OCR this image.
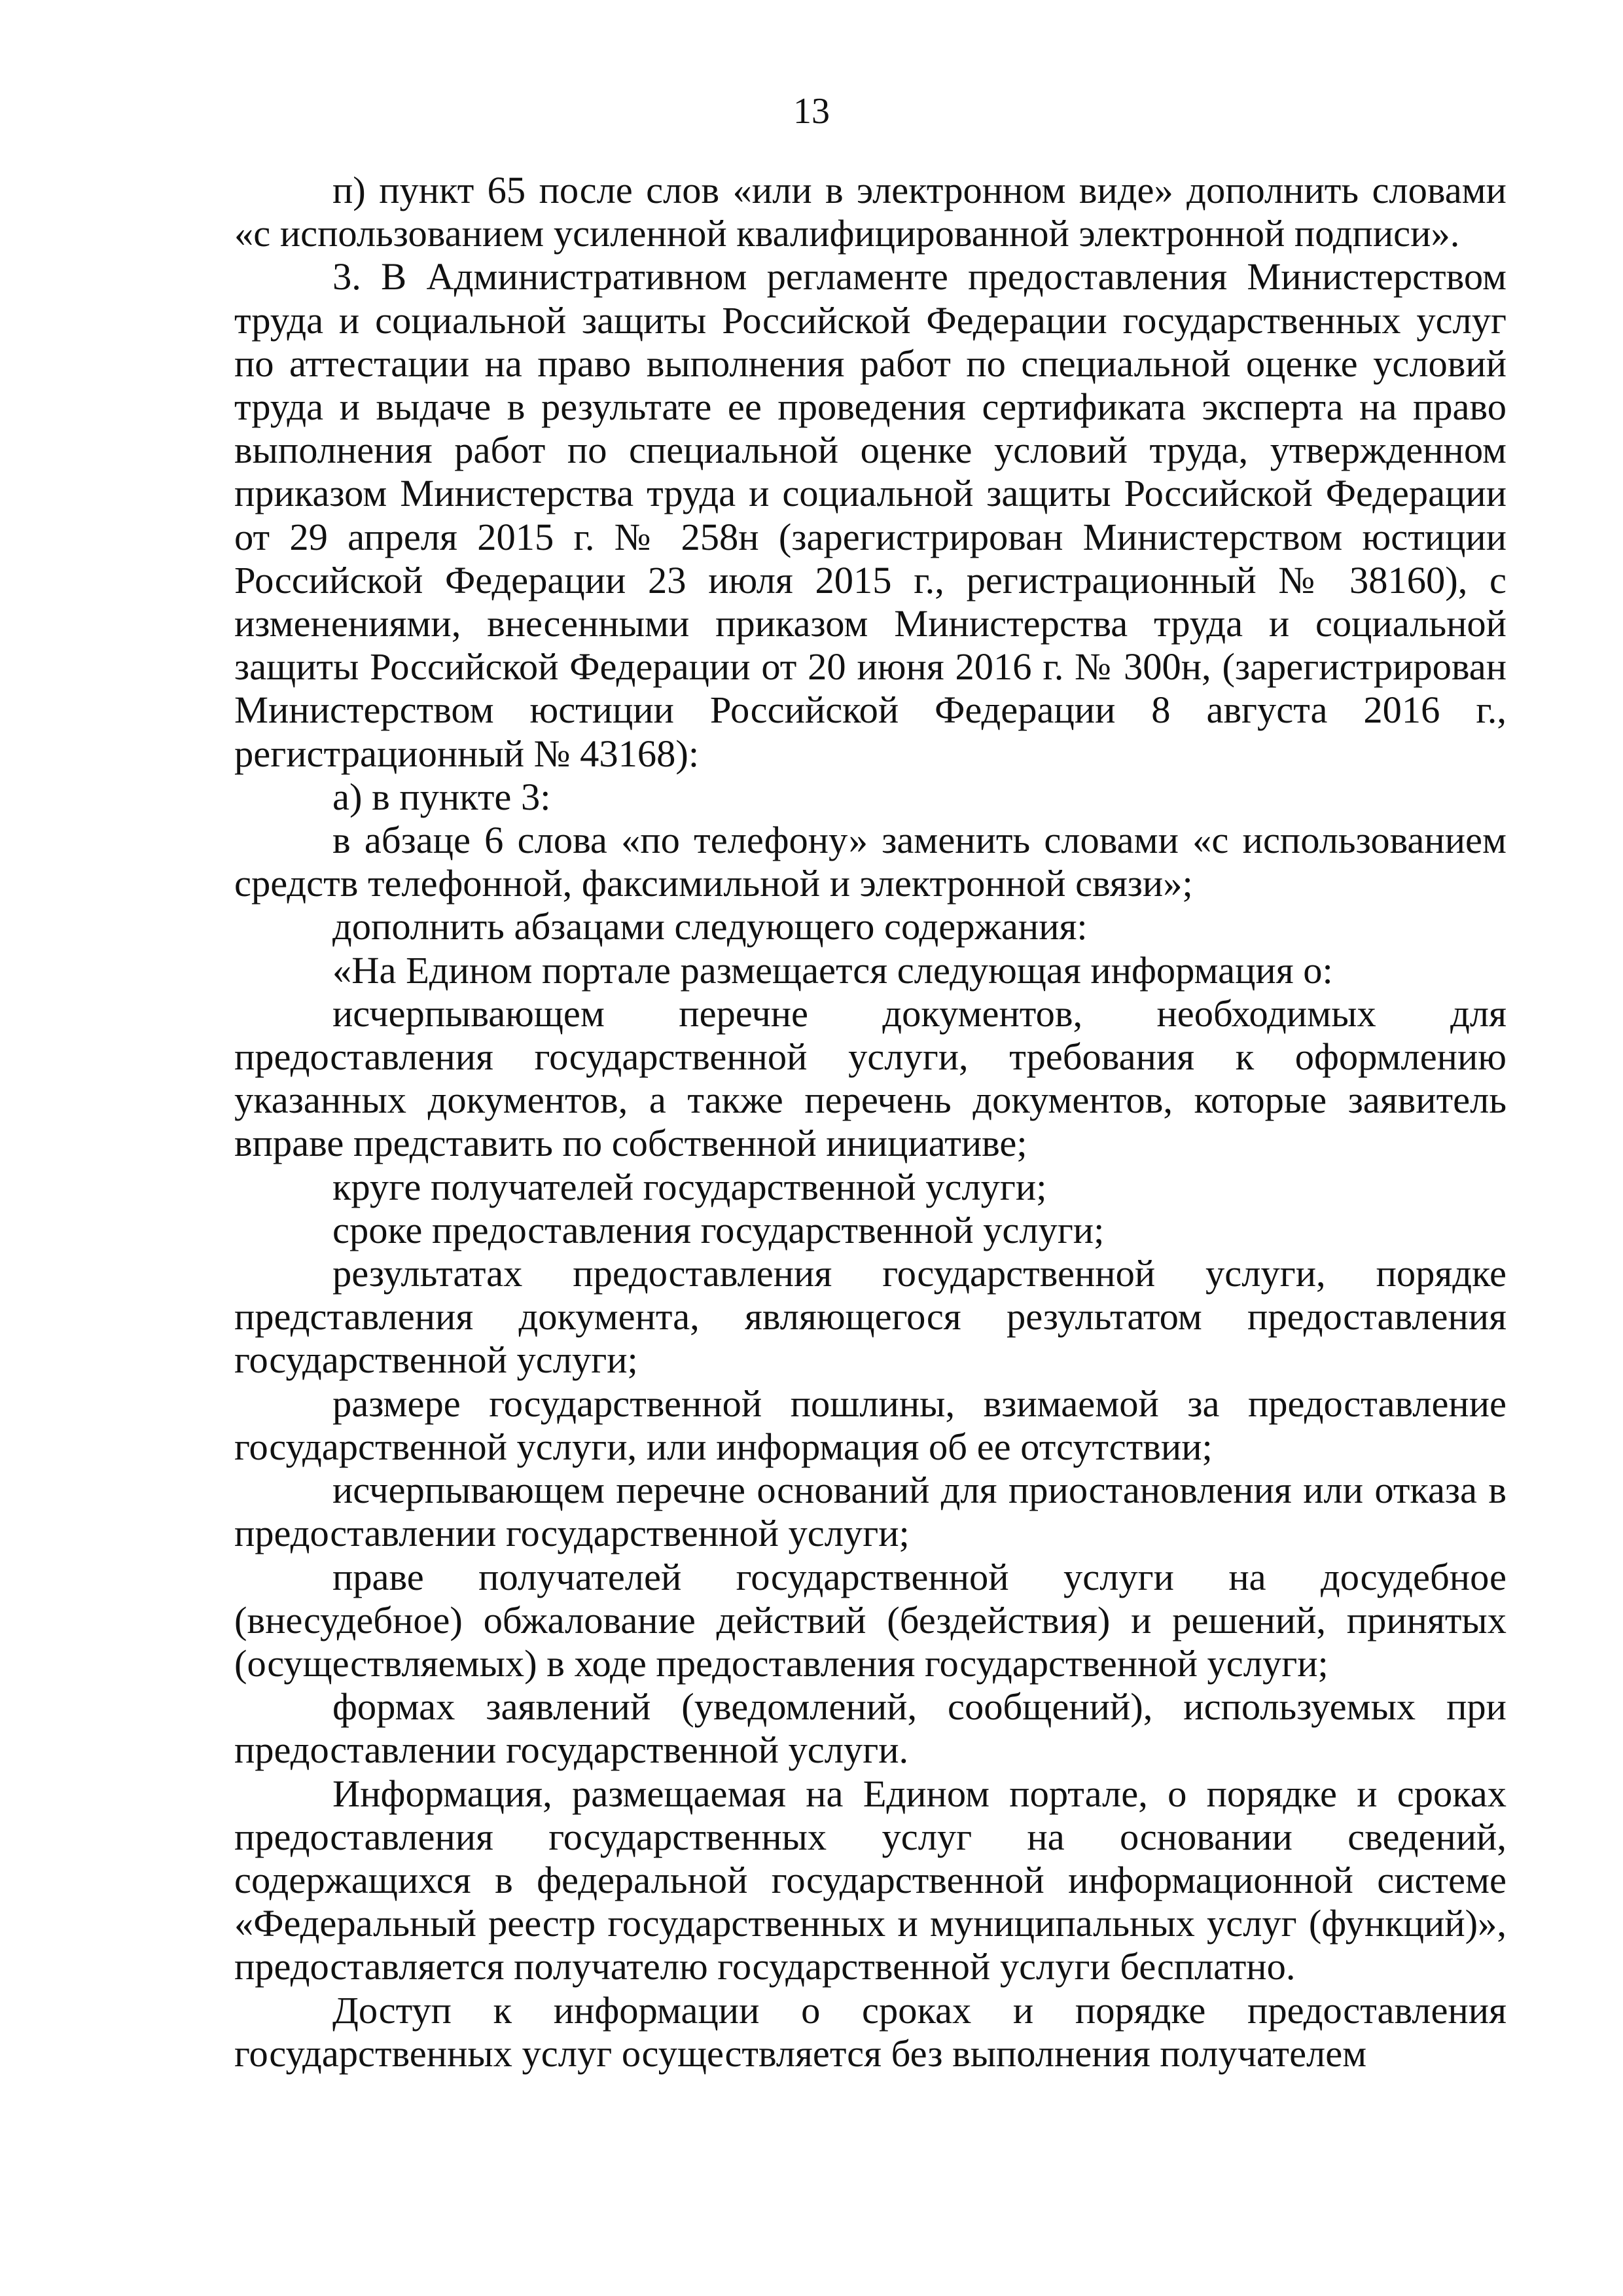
13

п) пункт 65 после слов «или в электронном виде» дополнить словами «с использованием усиленной квалифицированной электронной подписи».

3. В Административном регламенте предоставления Министерством труда и социальной защиты Российской Федерации государственных услуг по аттестации на право выполнения работ по специальной оценке условий труда и выдаче в результате ее проведения сертификата эксперта на право выполнения работ по специальной оценке условий труда, утвержденном приказом Министерства труда и социальной защиты Российской Федерации от 29 апреля 2015 г. № 258н (зарегистрирован Министерством юстиции Российской Федерации 23 июля 2015 г., регистрационный № 38160), с изменениями, внесенными приказом Министерства труда и социальной защиты Российской Федерации от 20 июня 2016 г. № 300н, (зарегистрирован Министерством юстиции Российской Федерации 8 августа 2016 г., регистрационный № 43168):

а) в пункте 3:

в абзаце 6 слова «по телефону» заменить словами «с использованием средств телефонной, факсимильной и электронной связи»;

дополнить абзацами следующего содержания:

«На Едином портале размещается следующая информация о:

исчерпывающем перечне документов, необходимых для предоставления государственной услуги, требования к оформлению указанных документов, а также перечень документов, которые заявитель вправе представить по собственной инициативе;

круге получателей государственной услуги;

сроке предоставления государственной услуги;

результатах предоставления государственной услуги, порядке представления документа, являющегося результатом предоставления государственной услуги;

размере государственной пошлины, взимаемой за предоставление государственной услуги, или информация об ее отсутствии;

исчерпывающем перечне оснований для приостановления или отказа в предоставлении государственной услуги;

праве получателей государственной услуги на досудебное (внесудебное) обжалование действий (бездействия) и решений, принятых (осуществляемых) в ходе предоставления государственной услуги;

формах заявлений (уведомлений, сообщений), используемых при предоставлении государственной услуги.

Информация, размещаемая на Едином портале, о порядке и сроках предоставления государственных услуг на основании сведений, содержащихся в федеральной государственной информационной системе «Федеральный реестр государственных и муниципальных услуг (функций)», предоставляется получателю государственной услуги бесплатно.

Доступ к информации о сроках и порядке предоставления государственных услуг осуществляется без выполнения получателем
